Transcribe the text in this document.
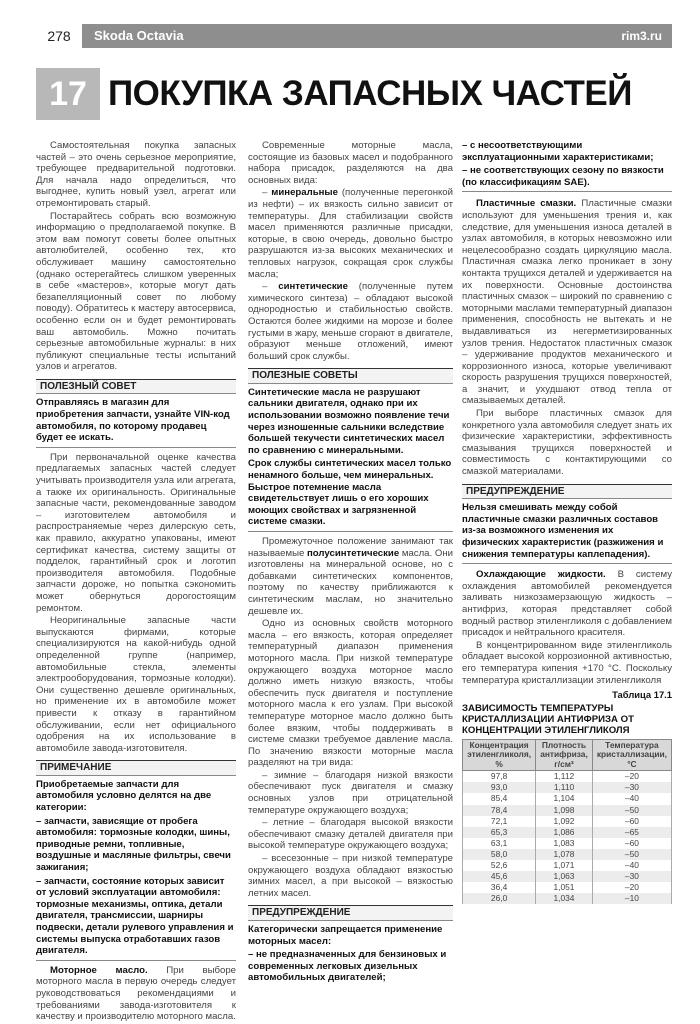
278	Skoda Octavia	rim3.ru
17 ПОКУПКА ЗАПАСНЫХ ЧАСТЕЙ

Самостоятельная покупка запасных частей – это очень серьезное мероприятие, требующее предварительной подготовки. Для начала надо определиться, что выгоднее, купить новый узел, агрегат или отремонтировать старый.

Постарайтесь собрать всю возможную информацию о предполагаемой покупке. В этом вам помогут советы более опытных автолюбителей, особенно тех, кто обслуживает машину самостоятельно (однако остерегайтесь слишком уверенных в себе «мастеров», которые могут дать безапелляционный совет по любому поводу). Обратитесь к мастеру автосервиса, особенно если он и будет ремонтировать ваш автомобиль. Можно почитать серьезные автомобильные журналы: в них публикуют специальные тесты испытаний узлов и агрегатов.

ПОЛЕЗНЫЙ СОВЕТ

Отправляясь в магазин для приобретения запчасти, узнайте VIN-код автомобиля, по которому продавец будет ее искать.

При первоначальной оценке качества предлагаемых запасных частей следует учитывать производителя узла или агрегата, а также их оригинальность. Оригинальные запасные части, рекомендованные заводом – изготовителем автомобиля и распространяемые через дилерскую сеть, как правило, аккуратно упакованы, имеют сертификат качества, систему защиты от подделок, гарантийный срок и логотип производителя автомобиля. Подобные запчасти дороже, но попытка сэкономить может обернуться дорогостоящим ремонтом.

Неоригинальные запасные части выпускаются фирмами, которые специализируются на какой-нибудь одной определенной группе (например, автомобильные стекла, элементы электрооборудования, тормозные колодки). Они существенно дешевле оригинальных, но применение их в автомобиле может привести к отказу в гарантийном обслуживании, если нет официального одобрения на их использование в автомобиле завода-изготовителя.

ПРИМЕЧАНИЕ

Приобретаемые запчасти для автомобиля условно делятся на две категории:

– запчасти, зависящие от пробега автомобиля: тормозные колодки, шины, приводные ремни, топливные, воздушные и масляные фильтры, свечи зажигания;

– запчасти, состояние которых зависит от условий эксплуатации автомобиля: тормозные механизмы, оптика, детали двигателя, трансмиссии, шарниры подвески, детали рулевого управления и системы выпуска отработавших газов двигателя.

Моторное масло. При выборе моторного масла в первую очередь следует руководствоваться рекомендациями и требованиями завода-изготовителя к качеству и производителю моторного масла.

Современные моторные масла, состоящие из базовых масел и подобранного набора присадок, разделяются на два основных вида:

– минеральные (полученные перегонкой из нефти) – их вязкость сильно зависит от температуры. Для стабилизации свойств масел применяются различные присадки, которые, в свою очередь, довольно быстро разрушаются из-за высоких механических и тепловых нагрузок, сокращая срок службы масла;

– синтетические (полученные путем химического синтеза) – обладают высокой однородностью и стабильностью свойств. Остаются более жидкими на морозе и более густыми в жару, меньше сгорают в двигателе, образуют меньше отложений, имеют больший срок службы.

ПОЛЕЗНЫЕ СОВЕТЫ

Синтетические масла не разрушают сальники двигателя, однако при их использовании возможно появление течи через изношенные сальники вследствие большей текучести синтетических масел по сравнению с минеральными.

Срок службы синтетических масел только ненамного больше, чем минеральных. Быстрое потемнение масла свидетельствует лишь о его хороших моющих свойствах и загрязненной системе смазки.

Промежуточное положение занимают так называемые полусинтетические масла. Они изготовлены на минеральной основе, но с добавками синтетических компонентов, поэтому по качеству приближаются к синтетическим маслам, но значительно дешевле их.

Одно из основных свойств моторного масла – его вязкость, которая определяет температурный диапазон применения моторного масла. При низкой температуре окружающего воздуха моторное масло должно иметь низкую вязкость, чтобы обеспечить пуск двигателя и поступление моторного масла к его узлам. При высокой температуре моторное масло должно быть более вязким, чтобы поддерживать в системе смазки требуемое давление масла. По значению вязкости моторные масла разделяют на три вида:

– зимние – благодаря низкой вязкости обеспечивают пуск двигателя и смазку основных узлов при отрицательной температуре окружающего воздуха;

– летние – благодаря высокой вязкости обеспечивают смазку деталей двигателя при высокой температуре окружающего воздуха;

– всесезонные – при низкой температуре окружающего воздуха обладают вязкостью зимних масел, а при высокой – вязкостью летних масел.

ПРЕДУПРЕЖДЕНИЕ

Категорически запрещается применение моторных масел:

– не предназначенных для бензиновых и современных легковых дизельных автомобильных двигателей;

– с несоответствующими эксплуатационными характеристиками;

– не соответствующих сезону по вязкости (по классификациям SAE).

Пластичные смазки. Пластичные смазки используют для уменьшения трения и, как следствие, для уменьшения износа деталей в узлах автомобиля, в которых невозможно или нецелесообразно создать циркуляцию масла. Пластичная смазка легко проникает в зону контакта трущихся деталей и удерживается на их поверхности. Основные достоинства пластичных смазок – широкий по сравнению с моторными маслами температурный диапазон применения, способность не вытекать и не выдавливаться из негерметизированных узлов трения. Недостаток пластичных смазок – удерживание продуктов механического и коррозионного износа, которые увеличивают скорость разрушения трущихся поверхностей, а значит, и ухудшают отвод тепла от смазываемых деталей.

При выборе пластичных смазок для конкретного узла автомобиля следует знать их физические характеристики, эффективность смазывания трущихся поверхностей и совместимость с контактирующими со смазкой материалами.

ПРЕДУПРЕЖДЕНИЕ

Нельзя смешивать между собой пластичные смазки различных составов из-за возможного изменения их физических характеристик (разжижения и снижения температуры каплепадения).

Охлаждающие жидкости. В систему охлаждения автомобилей рекомендуется заливать низкозамерзающую жидкость – антифриз, которая представляет собой водный раствор этиленгликоля с добавлением присадок и нейтрального красителя.

В концентрированном виде этиленгликоль обладает высокой коррозионной активностью, его температура кипения +170 °C. Поскольку температура кристаллизации этиленгликоля

Таблица 17.1
ЗАВИСИМОСТЬ ТЕМПЕРАТУРЫ КРИСТАЛЛИЗАЦИИ АНТИФРИЗА ОТ КОНЦЕНТРАЦИИ ЭТИЛЕНГЛИКОЛЯ
Концентрация этиленгликоля, %	Плотность антифриза, г/см³	Температура кристаллизации, °С
97,8	1,112	–20
93,0	1,110	–30
85,4	1,104	–40
78,4	1,098	–50
72,1	1,092	–60
65,3	1,086	–65
63,1	1,083	–60
58,0	1,078	–50
52,6	1,071	–40
45,6	1,063	–30
36,4	1,051	–20
26,0	1,034	–10
